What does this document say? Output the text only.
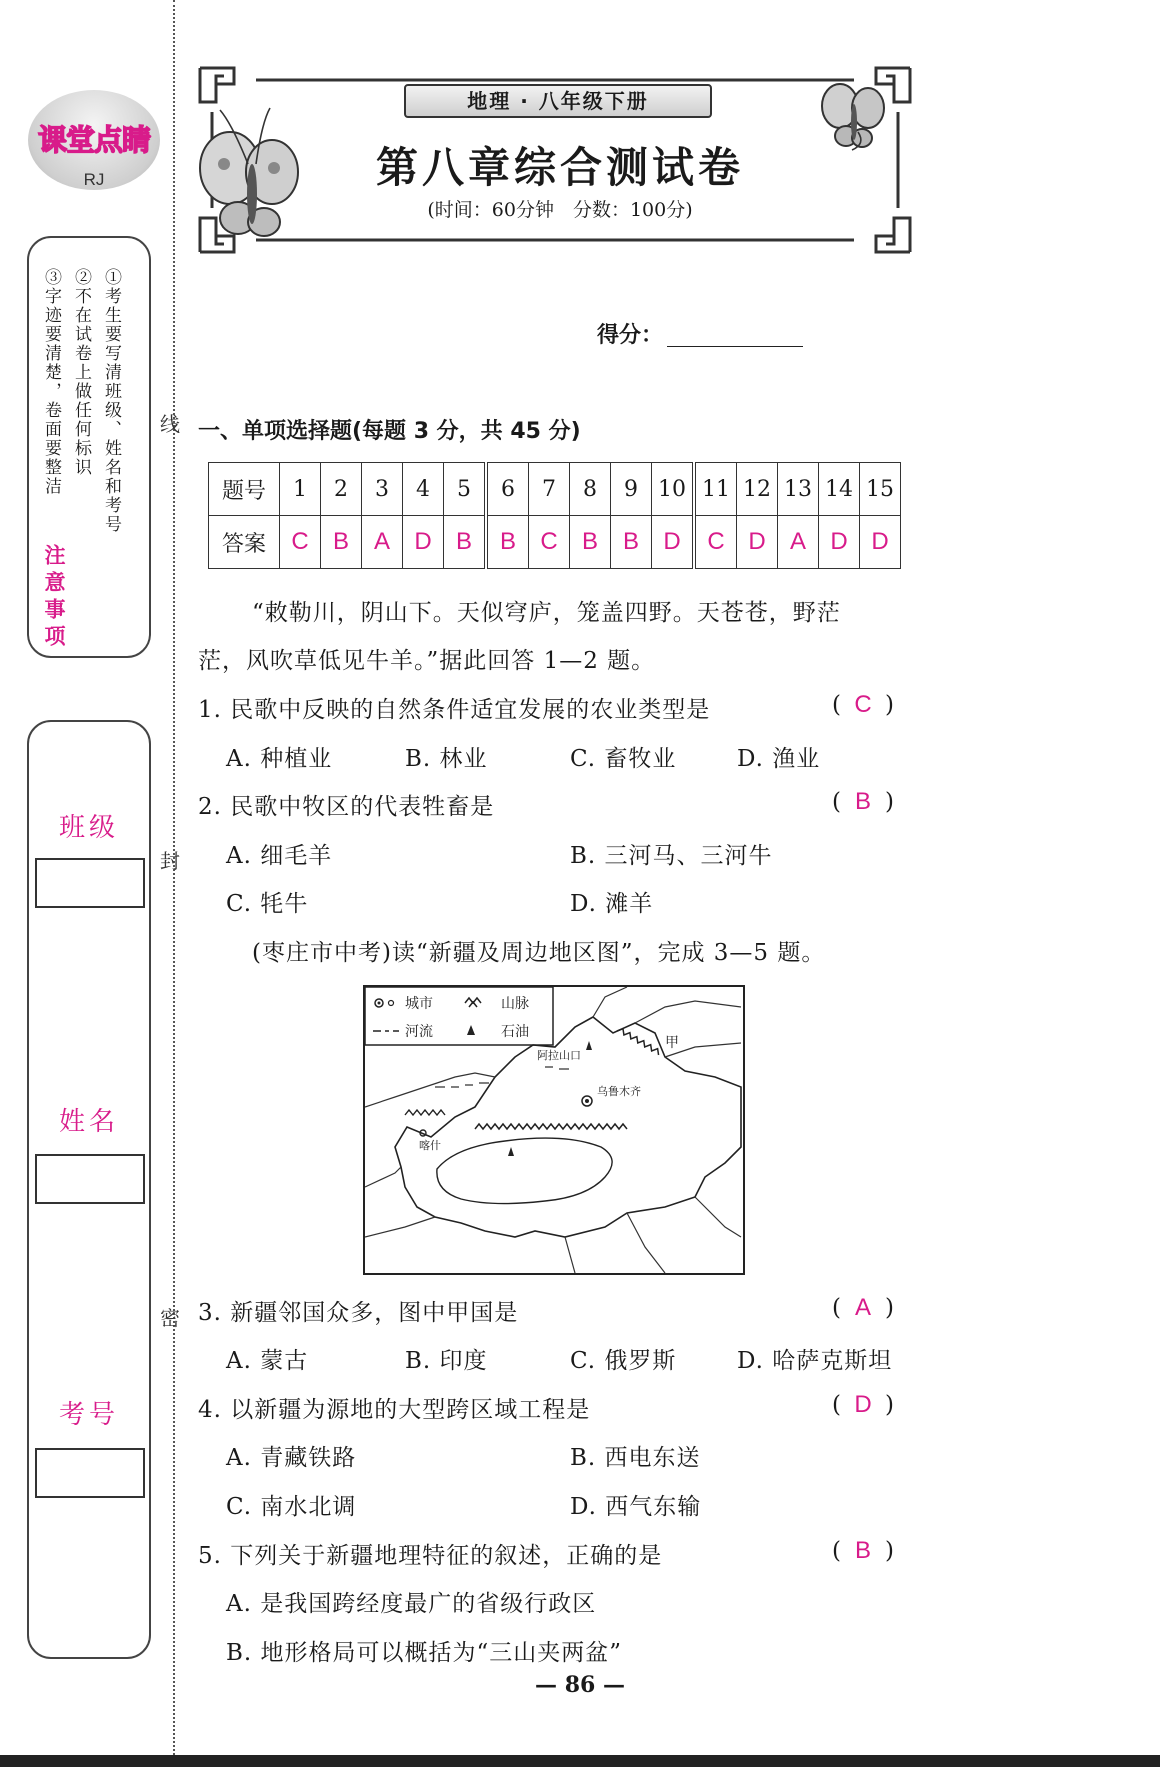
线
封
密
课堂点睛
RJ
①考生要写清班级、姓名和考号
②不在试卷上做任何标识
③字迹要清楚，卷面要整洁
注意事项
班级
姓名
考号
地理 · 八年级下册
第八章综合测试卷
(时间：60分钟　分数：100分)
得分：
一、单项选择题(每题 3 分，共 45 分)
题号	1	2	3	4	5	6	7	8	9	10	11	12	13	14	15
答案	C	B	A	D	B	B	C	B	B	D	C	D	A	D	D
“敕勒川，阴山下。天似穹庐，笼盖四野。天苍苍，野茫
茫，风吹草低见牛羊。”据此回答 1—2 题。
1. 民歌中反映的自然条件适宜发展的农业类型是	( C )
A. 种植业	B. 林业	C. 畜牧业	D. 渔业
2. 民歌中牧区的代表牲畜是	( B )
A. 细毛羊	B. 三河马、三河牛
C. 牦牛	D. 滩羊
(枣庄市中考)读“新疆及周边地区图”，完成 3—5 题。
城市	山脉
河流	石油
阿拉山口
甲
乌鲁木齐
喀什
3. 新疆邻国众多，图中甲国是	( A )
A. 蒙古	B. 印度	C. 俄罗斯	D. 哈萨克斯坦
4. 以新疆为源地的大型跨区域工程是	( D )
A. 青藏铁路	B. 西电东送
C. 南水北调	D. 西气东输
5. 下列关于新疆地理特征的叙述，正确的是	( B )
A. 是我国跨经度最广的省级行政区
B. 地形格局可以概括为“三山夹两盆”
— 86 —
